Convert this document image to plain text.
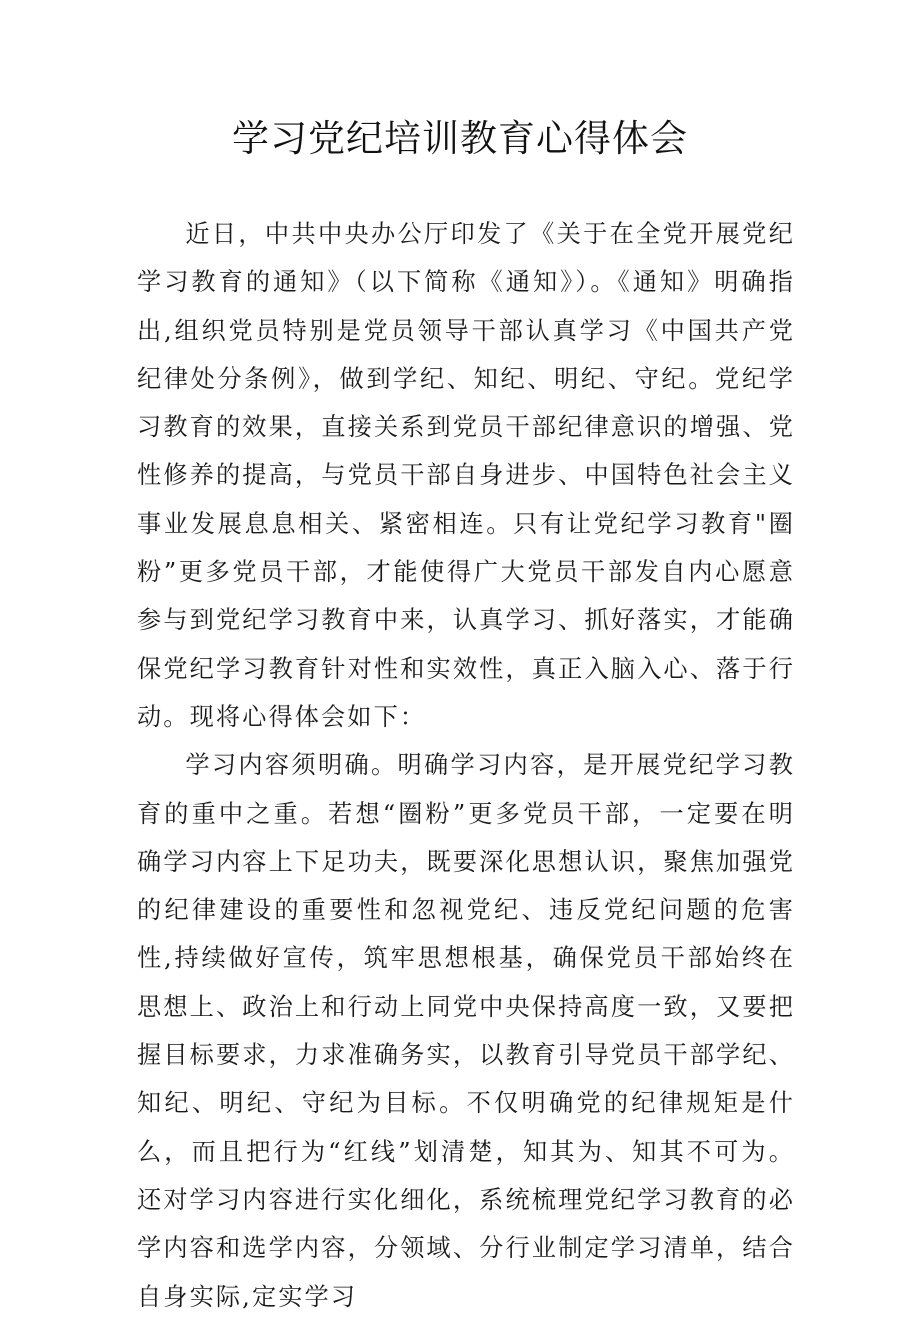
学习党纪培训教育心得体会

近日，中共中央办公厅印发了《关于在全党开展党纪学习教育的通知》（以下简称《通知》）。《通知》明确指出,组织党员特别是党员领导干部认真学习《中国共产党纪律处分条例》，做到学纪、知纪、明纪、守纪。党纪学习教育的效果，直接关系到党员干部纪律意识的增强、党性修养的提高，与党员干部自身进步、中国特色社会主义事业发展息息相关、紧密相连。只有让党纪学习教育"圈粉”更多党员干部，才能使得广大党员干部发自内心愿意参与到党纪学习教育中来，认真学习、抓好落实，才能确保党纪学习教育针对性和实效性，真正入脑入心、落于行动。现将心得体会如下：

学习内容须明确。明确学习内容，是开展党纪学习教育的重中之重。若想“圈粉”更多党员干部，一定要在明确学习内容上下足功夫，既要深化思想认识，聚焦加强党的纪律建设的重要性和忽视党纪、违反党纪问题的危害性,持续做好宣传，筑牢思想根基，确保党员干部始终在思想上、政治上和行动上同党中央保持高度一致，又要把握目标要求，力求准确务实，以教育引导党员干部学纪、知纪、明纪、守纪为目标。不仅明确党的纪律规矩是什么，而且把行为“红线”划清楚，知其为、知其不可为。还对学习内容进行实化细化，系统梳理党纪学习教育的必学内容和选学内容，分领域、分行业制定学习清单，结合自身实际,定实学习
